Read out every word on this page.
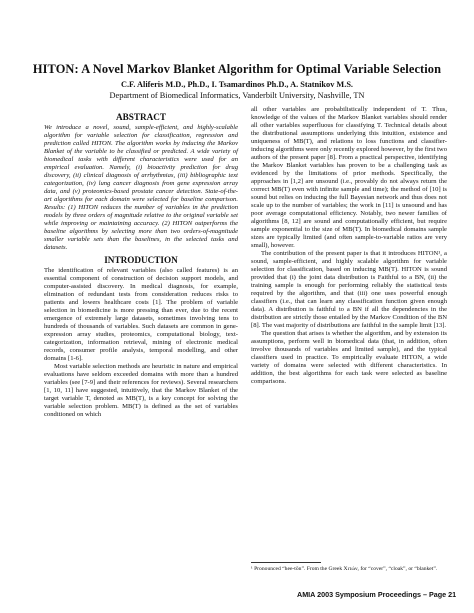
HITON: A Novel Markov Blanket Algorithm for Optimal Variable Selection
C.F. Aliferis M.D., Ph.D., I. Tsamardinos Ph.D., A. Statnikov M.S.
Department of Biomedical Informatics, Vanderbilt University, Nashville, TN
ABSTRACT

We introduce a novel, sound, sample-efficient, and highly-scalable algorithm for variable selection for classification, regression and prediction called HITON. The algorithm works by inducing the Markov Blanket of the variable to be classified or predicted. A wide variety of biomedical tasks with different characteristics were used for an empirical evaluation. Namely, (i) bioactivity prediction for drug discovery, (ii) clinical diagnosis of arrhythmias, (iii) bibliographic text categorization, (iv) lung cancer diagnosis from gene expression array data, and (v) proteomics-based prostate cancer detection. State-of-the-art algorithms for each domain were selected for baseline comparison. Results: (1) HITON reduces the number of variables in the prediction models by three orders of magnitude relative to the original variable set while improving or maintaining accuracy. (2) HITON outperforms the baseline algorithms by selecting more than two orders-of-magnitude smaller variable sets than the baselines, in the selected tasks and datasets.

INTRODUCTION

The identification of relevant variables (also called features) is an essential component of construction of decision support models, and computer-assisted discovery. In medical diagnosis, for example, elimination of redundant tests from consideration reduces risks to patients and lowers healthcare costs [1]. The problem of variable selection in biomedicine is more pressing than ever, due to the recent emergence of extremely large datasets, sometimes involving tens to hundreds of thousands of variables. Such datasets are common in gene-expression array studies, proteomics, computational biology, text-categorization, information retrieval, mining of electronic medical records, consumer profile analysis, temporal modelling, and other domains [1-6].

Most variable selection methods are heuristic in nature and empirical evaluations have seldom exceeded domains with more than a hundred variables (see [7-9] and their references for reviews). Several researchers [1, 10, 11] have suggested, intuitively, that the Markov Blanket of the target variable T, denoted as MB(T), is a key concept for solving the variable selection problem. MB(T) is defined as the set of variables conditioned on which

all other variables are probabilistically independent of T. Thus, knowledge of the values of the Markov Blanket variables should render all other variables superfluous for classifying T. Technical details about the distributional assumptions underlying this intuition, existence and uniqueness of MB(T), and relations to loss functions and classifier-inducing algorithms were only recently explored however, by the first two authors of the present paper [8]. From a practical perspective, identifying the Markov Blanket variables has proven to be a challenging task as evidenced by the limitations of prior methods. Specifically, the approaches in [1,2] are unsound (i.e., provably do not always return the correct MB(T) even with infinite sample and time); the method of [10] is sound but relies on inducing the full Bayesian network and thus does not scale up to the number of variables; the work in [11] is unsound and has poor average computational efficiency. Notably, two newer families of algorithms [8, 12] are sound and computationally efficient, but require sample exponential to the size of MB(T). In biomedical domains sample sizes are typically limited (and often sample-to-variable ratios are very small), however.

The contribution of the present paper is that it introduces HITON¹, a sound, sample-efficient, and highly scalable algorithm for variable selection for classification, based on inducing MB(T). HITON is sound provided that (i) the joint data distribution is Faithful to a BN, (ii) the training sample is enough for performing reliably the statistical tests required by the algorithm, and that (iii) one uses powerful enough classifiers (i.e., that can learn any classification function given enough data). A distribution is faithful to a BN if all the dependencies in the distribution are strictly those entailed by the Markov Condition of the BN [8]. The vast majority of distributions are faithful in the sample limit [13].

The question that arises is whether the algorithm, and by extension its assumptions, perform well in biomedical data (that, in addition, often involve thousands of variables and limited sample), and the typical classifiers used in practice. To empirically evaluate HITON, a wide variety of domains were selected with different characteristics. In addition, the best algorithms for each task were selected as baseline comparisons.

¹ Pronounced “hee-tōn”. From the Greek Χιτών, for “cover”, “cloak”, or “blanket”.
AMIA 2003 Symposium Proceedings – Page 21
